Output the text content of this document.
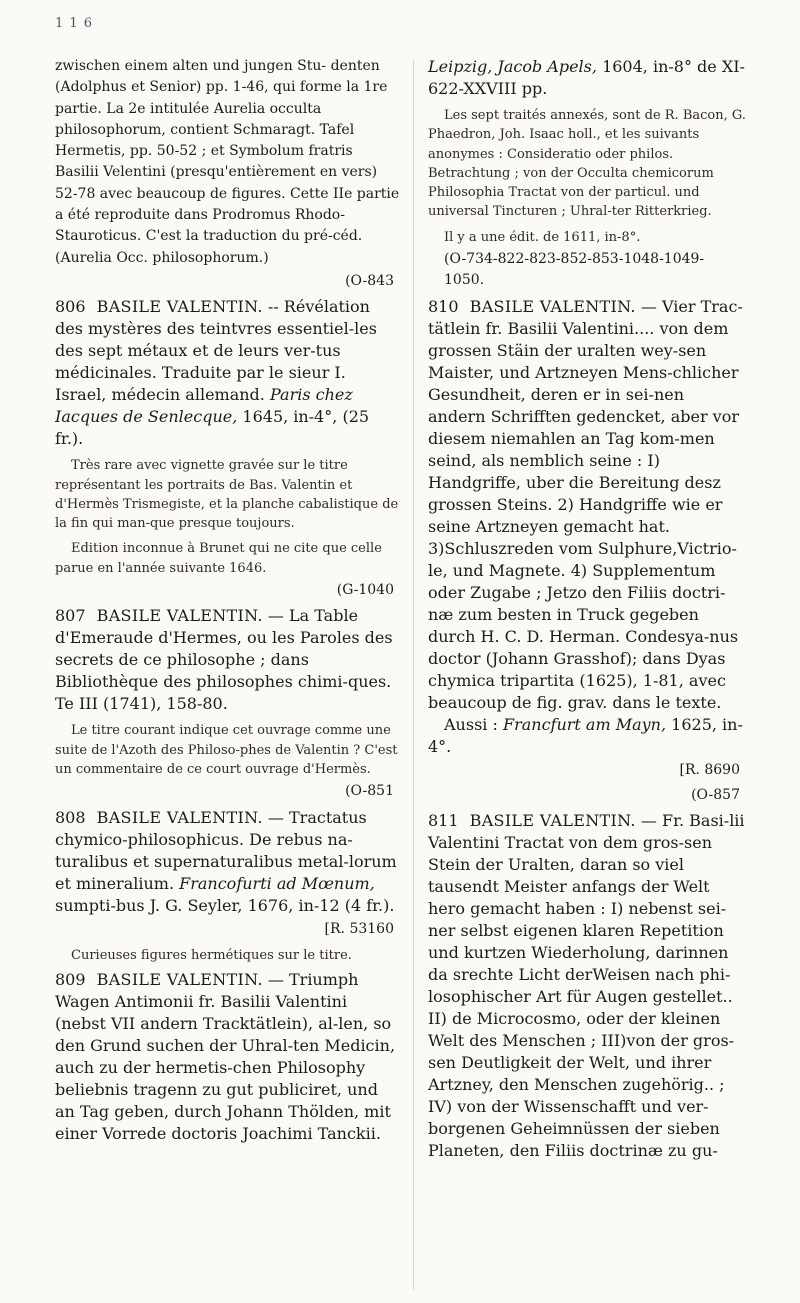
1 1 6

zwischen einem alten und jungen Stu- denten (Adolphus et Senior) pp. 1-46, qui forme la 1re partie. La 2e intitulée Aurelia occulta philosophorum, contient Schmaragt. Tafel Hermetis, pp. 50-52 ; et Symbolum fratris Basilii Velentini (presqu'entièrement en vers) 52-78 avec beaucoup de figures. Cette IIe partie a été reproduite dans Prodromus Rhodo-Stauroticus. C'est la traduction du pré-céd. (Aurelia Occ. philosophorum.)

(O-843
806 BASILE VALENTIN. -- Révélation des mystères des teintvres essentiel-les des sept métaux et de leurs ver-tus médicinales. Traduite par le sieur I. Israel, médecin allemand. Paris chez Iacques de Senlecque, 1645, in-4°, (25 fr.).

Très rare avec vignette gravée sur le titre représentant les portraits de Bas. Valentin et d'Hermès Trismegiste, et la planche cabalistique de la fin qui man-que presque toujours.

Edition inconnue à Brunet qui ne cite que celle parue en l'année suivante 1646.

(G-1040
807 BASILE VALENTIN. — La Table d'Emeraude d'Hermes, ou les Paroles des secrets de ce philosophe ; dans Bibliothèque des philosophes chimi-ques. Te III (1741), 158-80.

Le titre courant indique cet ouvrage comme une suite de l'Azoth des Philoso-phes de Valentin ? C'est un commentaire de ce court ouvrage d'Hermès.

(O-851
808 BASILE VALENTIN. — Tractatus chymico-philosophicus. De rebus na-turalibus et supernaturalibus metal-lorum et mineralium. Francofurti ad Mœnum, sumpti-bus J. G. Seyler, 1676, in-12 (4 fr.).
[R. 53160

Curieuses figures hermétiques sur le titre.

809 BASILE VALENTIN. — Triumph Wagen Antimonii fr. Basilii Valentini (nebst VII andern Tracktätlein), al-len, so den Grund suchen der Uhral-ten Medicin, auch zu der hermetis-chen Philosophy beliebnis tragenn zu gut publiciret, und an Tag geben, durch Johann Thölden, mit einer Vorrede doctoris Joachimi Tanckii.
Leipzig, Jacob Apels, 1604, in-8° de XI-622-XXVIII pp.

Les sept traités annexés, sont de R. Bacon, G. Phaedron, Joh. Isaac holl., et les suivants anonymes : Consideratio oder philos. Betrachtung ; von der Occulta chemicorum Philosophia Tractat von der particul. und universal Tincturen ; Uhral-ter Ritterkrieg.

Il y a une édit. de 1611, in-8°.

(O-734-822-823-852-853-1048-1049-1050.
810 BASILE VALENTIN. — Vier Trac-tätlein fr. Basilii Valentini.... von dem grossen Stäin der uralten wey-sen Maister, und Artzneyen Mens-chlicher Gesundheit, deren er in sei-nen andern Schrifften gedencket, aber vor diesem niemahlen an Tag kom-men seind, als nemblich seine : I) Handgriffe, uber die Bereitung desz grossen Steins. 2) Handgriffe wie er seine Artzneyen gemacht hat. 3)Schluszreden vom Sulphure,Victrio-le, und Magnete. 4) Supplementum oder Zugabe ; Jetzo den Filiis doctri-næ zum besten in Truck gegeben durch H. C. D. Herman. Condesya-nus doctor (Johann Grasshof); dans Dyas chymica tripartita (1625), 1-81, avec beaucoup de fig. grav. dans le texte.
Aussi : Francfurt am Mayn, 1625, in-4°.
[R. 8690
(O-857
811 BASILE VALENTIN. — Fr. Basi-lii Valentini Tractat von dem gros-sen Stein der Uralten, daran so viel tausendt Meister anfangs der Welt hero gemacht haben : I) nebenst sei-ner selbst eigenen klaren Repetition und kurtzen Wiederholung, darinnen da srechte Licht derWeisen nach phi-losophischer Art für Augen gestellet.. II) de Microcosmo, oder der kleinen Welt des Menschen ; III)von der gros-sen Deutligkeit der Welt, und ihrer Artzney, den Menschen zugehörig.. ; IV) von der Wissenschafft und ver-borgenen Geheimnüssen der sieben Planeten, den Filiis doctrinæ zu gu-
